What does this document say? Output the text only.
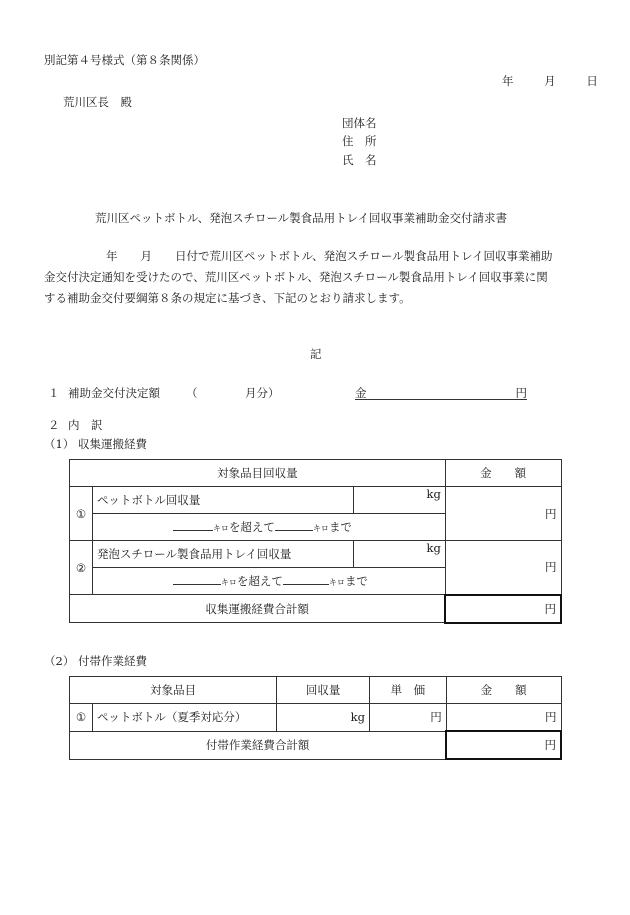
別記第４号様式（第８条関係）
年	月	日
荒川区長　殿
団体名
住　所
氏　名
荒川区ペットボトル、発泡スチロール製食品用トレイ回収事業補助金交付請求書
年　　月　　日付で荒川区ペットボトル、発泡スチロール製食品用トレイ回収事業補助
金交付決定通知を受けたので、荒川区ペットボトル、発泡スチロール製食品用トレイ回収事業に関
する補助金交付要綱第８条の規定に基づき、下記のとおり請求します。
記
１ 補助金交付決定額 （	月分）	金	円
２ 内　訳
（1） 収集運搬経費
対象品目回収量			金　　額
①	ペットボトル回収量	kg	円
	キロを超えて キロまで		
②	発泡スチロール製食品用トレイ回収量	kg	円
	キロを超えて キロまで		
収集運搬経費合計額			円
（2） 付帯作業経費
対象品目		回収量	単　価	金　　額
①	ペットボトル（夏季対応分）	kg	円	円
付帯作業経費合計額				円
